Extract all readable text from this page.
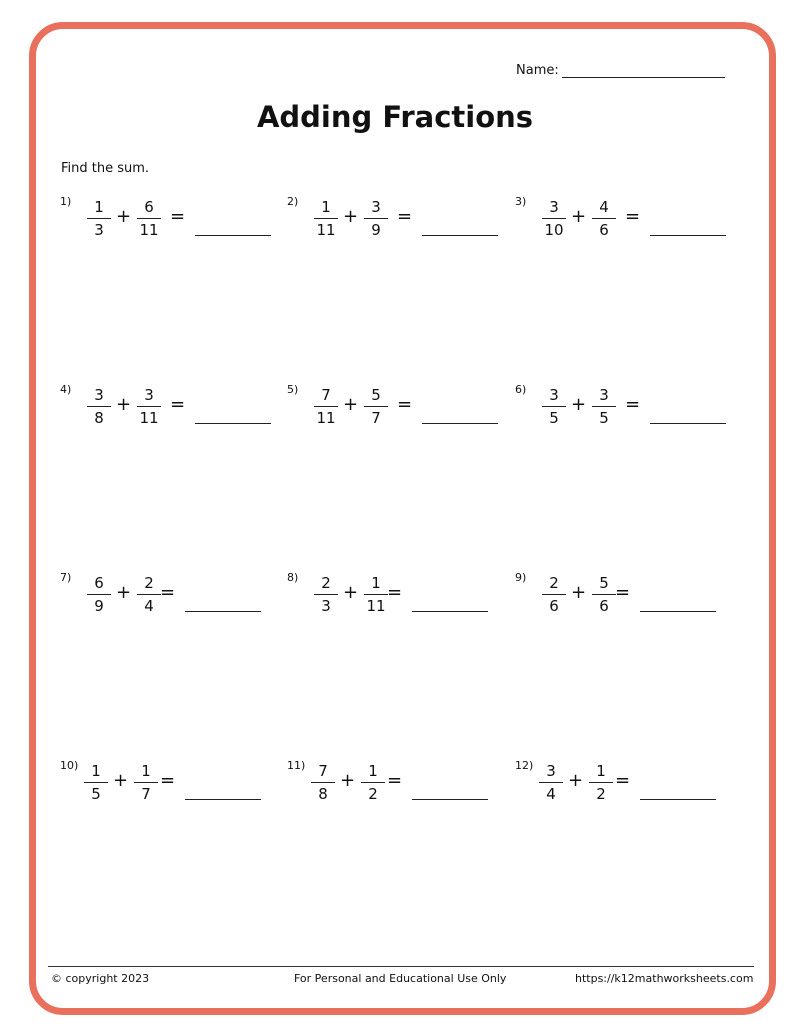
Name:
Adding Fractions
Find the sum.
1)	1
3
+ 6
11
=
2)	1
11
+ 3
9
=
3)	3
10
+ 4
6
=
4)	3
8
+ 3
11
=
5)	7
11
+ 5
7
=
6)	3
5
+ 3
5
=
7)	6
9
+ 2
4
=
8)	2
3
+ 1
11
=
9)	2
6
+ 5
6
=
10) 1
5
+ 1
7
=
11) 7
8
+ 1
2
=
12) 3
4
+ 1
2
=
© copyright 2023	For Personal and Educational Use Only	https://k12mathworksheets.com
